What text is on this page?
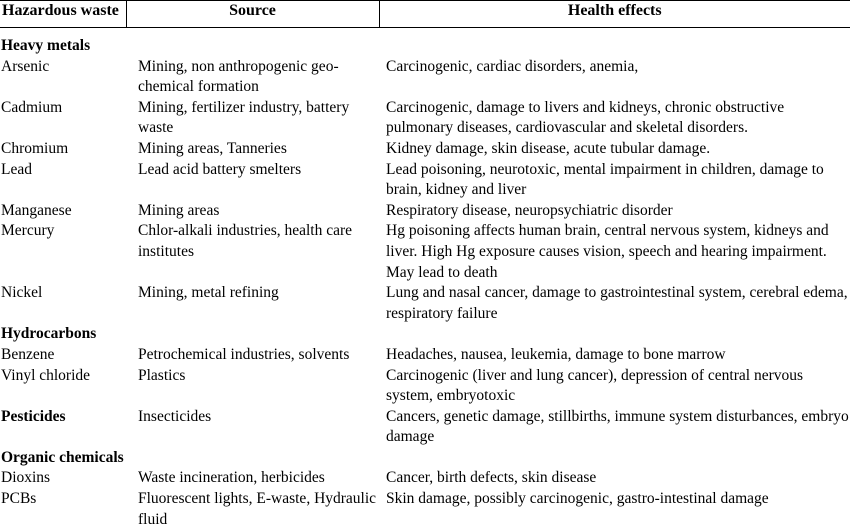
Hazardous waste	Source	Health effects
Heavy metals		
Arsenic	Mining, non anthropogenic geo-chemical formation	Carcinogenic, cardiac disorders, anemia,
Cadmium	Mining, fertilizer industry, battery waste	Carcinogenic, damage to livers and kidneys, chronic obstructive pulmonary diseases, cardiovascular and skeletal disorders.
Chromium	Mining areas, Tanneries	Kidney damage, skin disease, acute tubular damage.
Lead	Lead acid battery smelters	Lead poisoning, neurotoxic, mental impairment in children, damage to brain, kidney and liver
Manganese	Mining areas	Respiratory disease, neuropsychiatric disorder
Mercury	Chlor-alkali industries, health care institutes	Hg poisoning affects human brain, central nervous system, kidneys and liver. High Hg exposure causes vision, speech and hearing impairment. May lead to death
Nickel	Mining, metal refining	Lung and nasal cancer, damage to gastrointestinal system, cerebral edema, respiratory failure
Hydrocarbons		
Benzene	Petrochemical industries, solvents	Headaches, nausea, leukemia, damage to bone marrow
Vinyl chloride	Plastics	Carcinogenic (liver and lung cancer), depression of central nervous system, embryotoxic
Pesticides	Insecticides	Cancers, genetic damage, stillbirths, immune system disturbances, embryo damage
Organic chemicals		
Dioxins	Waste incineration, herbicides	Cancer, birth defects, skin disease
PCBs	Fluorescent lights, E-waste, Hydraulic fluid	Skin damage, possibly carcinogenic, gastro-intestinal damage
